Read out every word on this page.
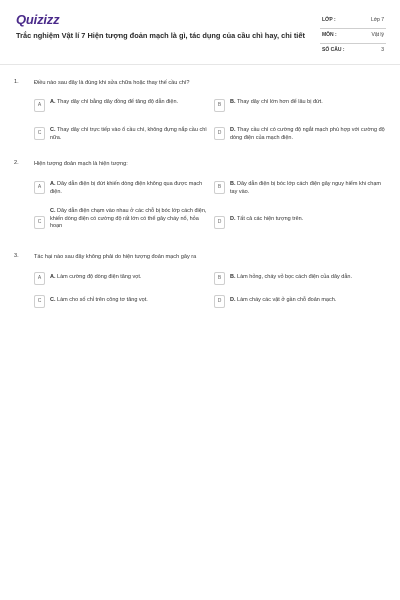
Quizizz
Trắc nghiệm Vật lí 7 Hiện tượng đoản mạch là gì, tác dụng của cầu chì hay, chi tiết
LỚP :	Lớp 7
MÔN :	Vật lý
SỐ CÂU :	3
1.	Điều nào sau đây là đúng khi sửa chữa hoặc thay thế cầu chì?
A	A. Thay dây chì bằng dây đồng để tăng độ dẫn điện.	B	B. Thay dây chì lớn hơn để lâu bị đứt.
C	C. Thay dây chì trực tiếp vào ổ cầu chì, không đựng nắp cầu chì nữa.
D	D. Thay cầu chì có cường độ ngắt mạch phù hợp với cường độ dòng điện của mạch điện.
2.	Hiện tượng đoản mạch là hiện tượng:
A	A. Dây dẫn điện bị đứt khiến dòng điện không qua được mạch điện.
B	B. Dây dẫn điện bị bóc lớp cách điện gây nguy hiểm khi chạm tay vào.
C
C. Dây dẫn điện chạm vào nhau ở các chỗ bị bóc lớp cách điện, khiến dòng điện có cường độ rất lớn có thể gây cháy nổ, hỏa hoạn
D	D. Tất cả các hiện tượng trên.
3.	Tác hại nào sau đây không phải do hiện tượng đoản mạch gây ra
A	A. Làm cường độ dòng điện tăng vọt.	B	B. Làm hỏng, cháy vỏ bọc cách điện của dây dẫn.
C	C. Làm cho số chỉ trên công tơ tăng vọt.	D	D. Làm cháy các vật ở gần chỗ đoản mạch.
